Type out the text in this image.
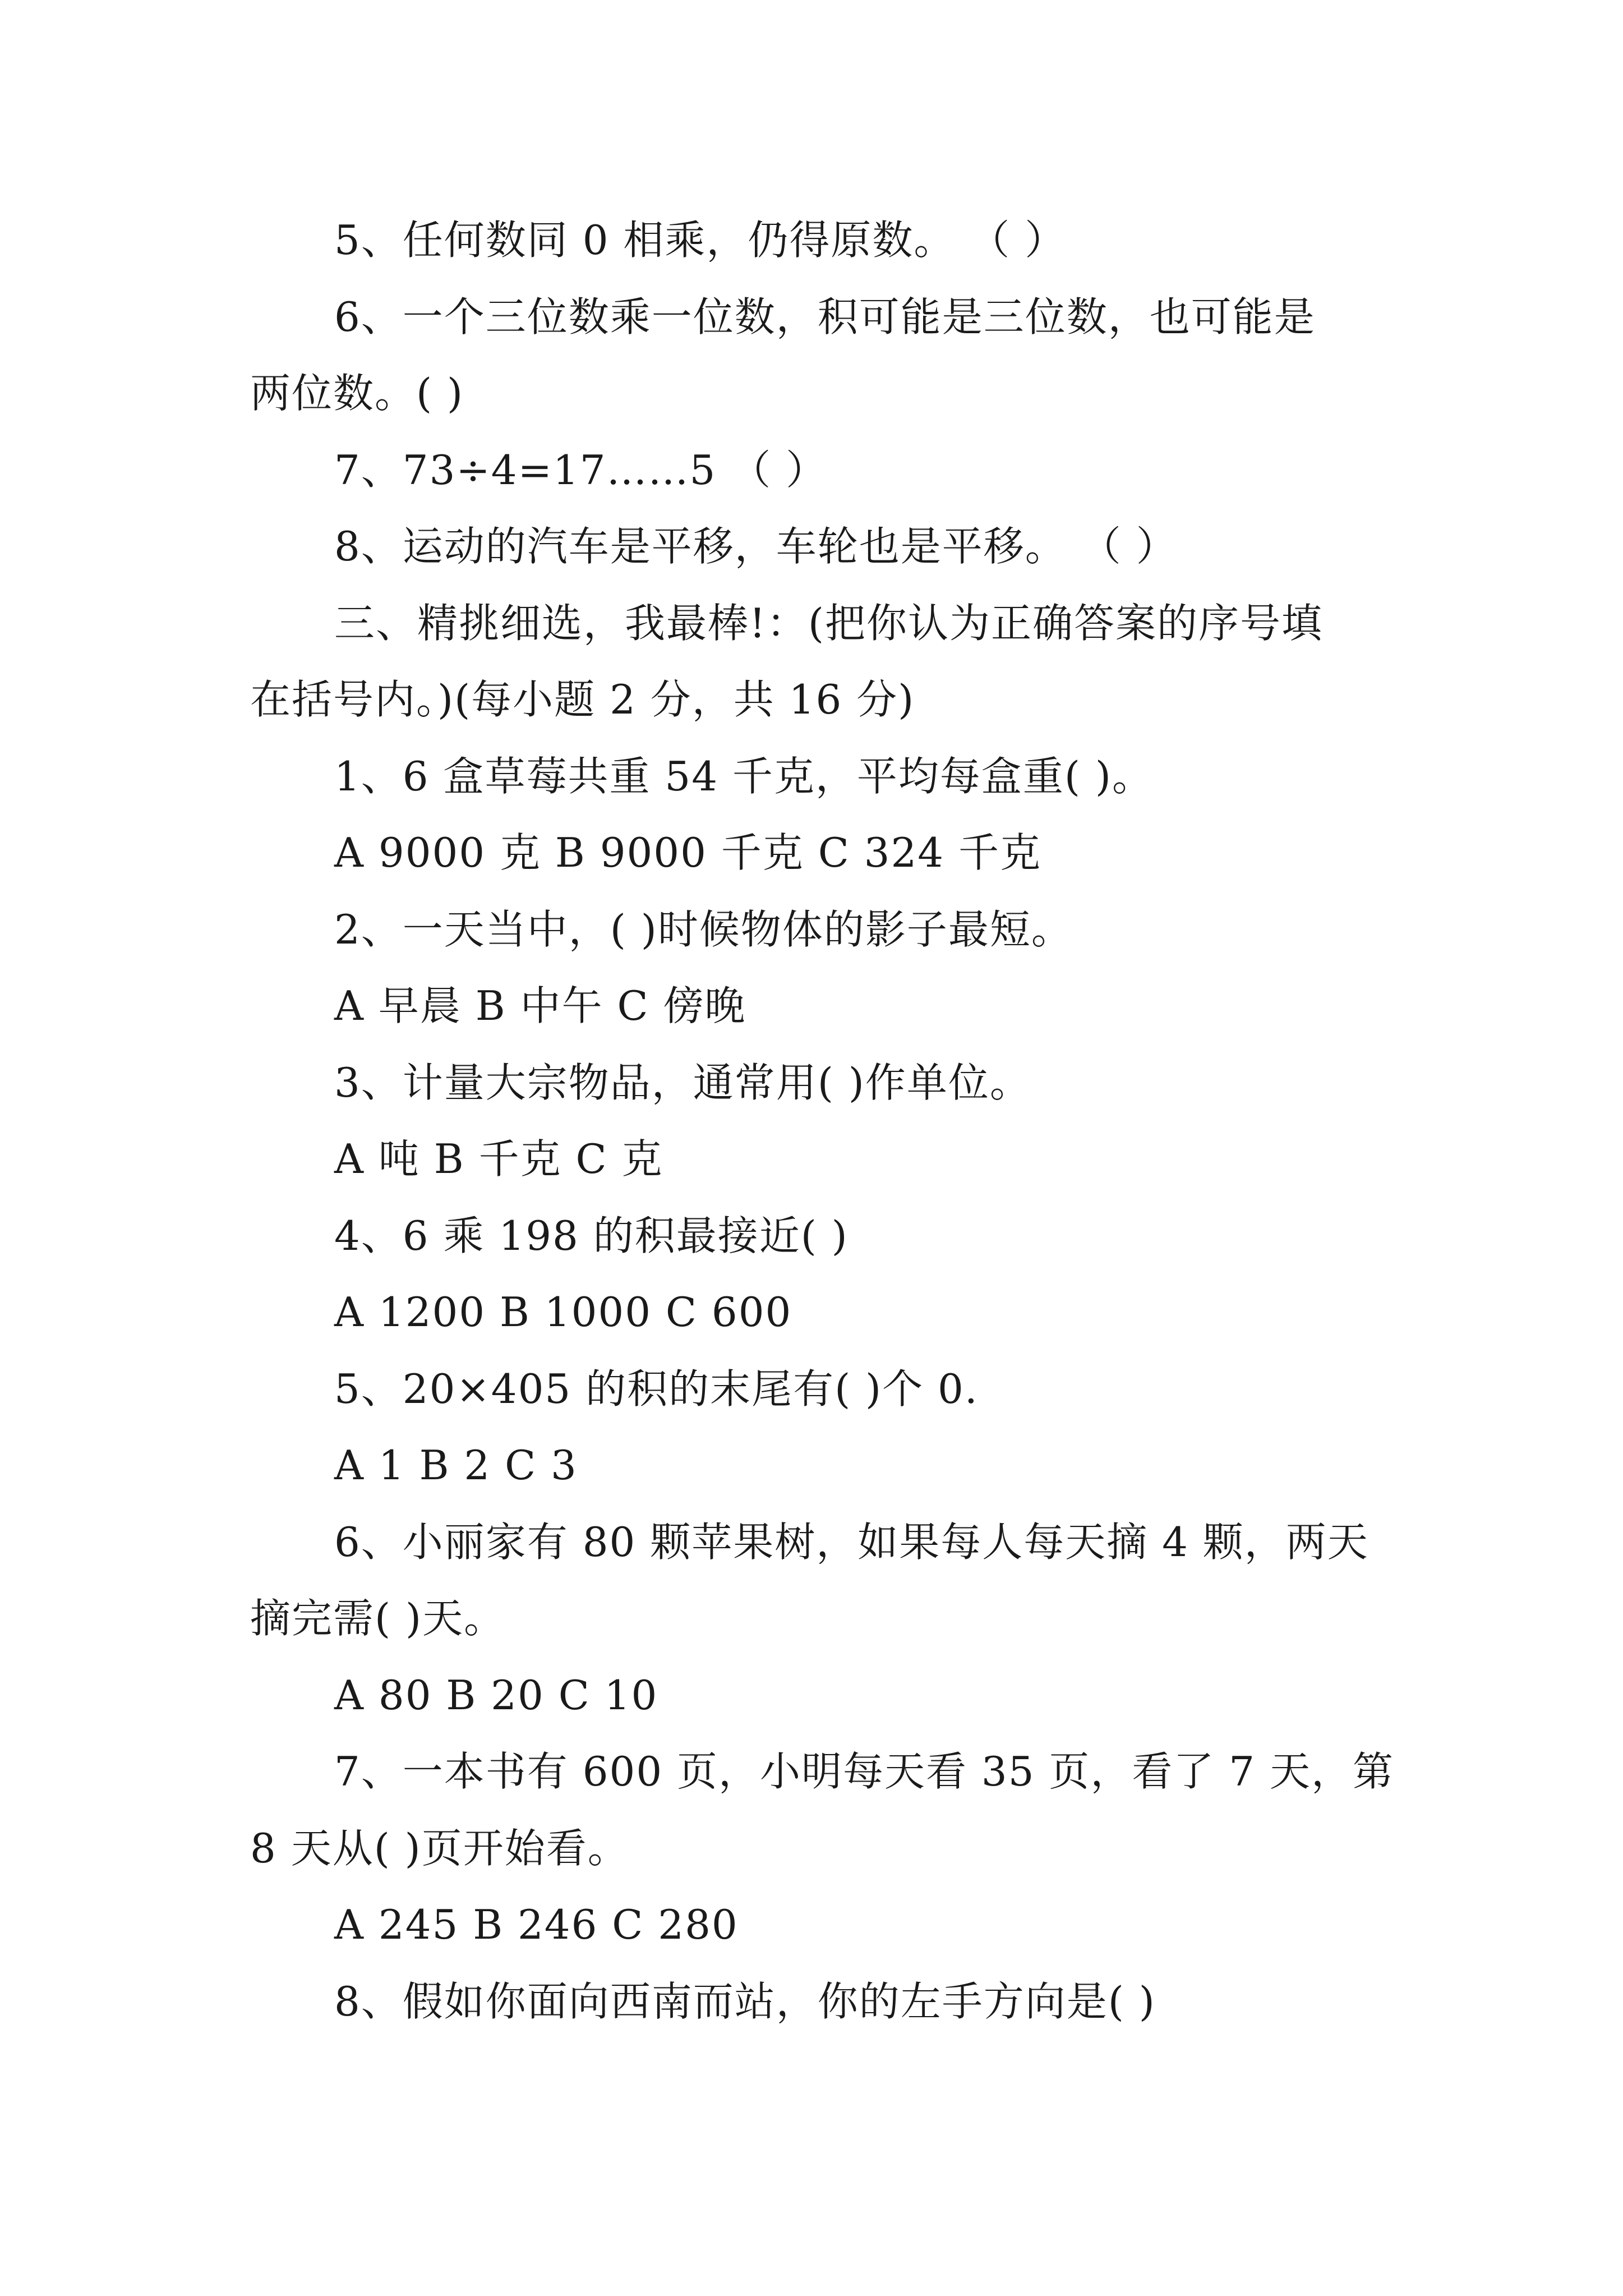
5、任何数同 0 相乘，仍得原数。 （ ）
6、一个三位数乘一位数，积可能是三位数，也可能是
两位数。( )
7、73÷4=17……5 （ ）
8、运动的汽车是平移，车轮也是平移。 （ ）
三、精挑细选，我最棒!：(把你认为正确答案的序号填
在括号内。)(每小题 2 分，共 16 分)
1、6 盒草莓共重 54 千克，平均每盒重( )。
A 9000 克 B 9000 千克 C 324 千克
2、一天当中，( )时候物体的影子最短。
A 早晨 B 中午 C 傍晚
3、计量大宗物品，通常用( )作单位。
A 吨 B 千克 C 克
4、6 乘 198 的积最接近( )
A 1200 B 1000 C 600
5、20×405 的积的末尾有( )个 0.
A 1 B 2 C 3
6、小丽家有 80 颗苹果树，如果每人每天摘 4 颗，两天
摘完需( )天。
A 80 B 20 C 10
7、一本书有 600 页，小明每天看 35 页，看了 7 天，第
8 天从( )页开始看。
A 245 B 246 C 280
8、假如你面向西南而站，你的左手方向是( )
